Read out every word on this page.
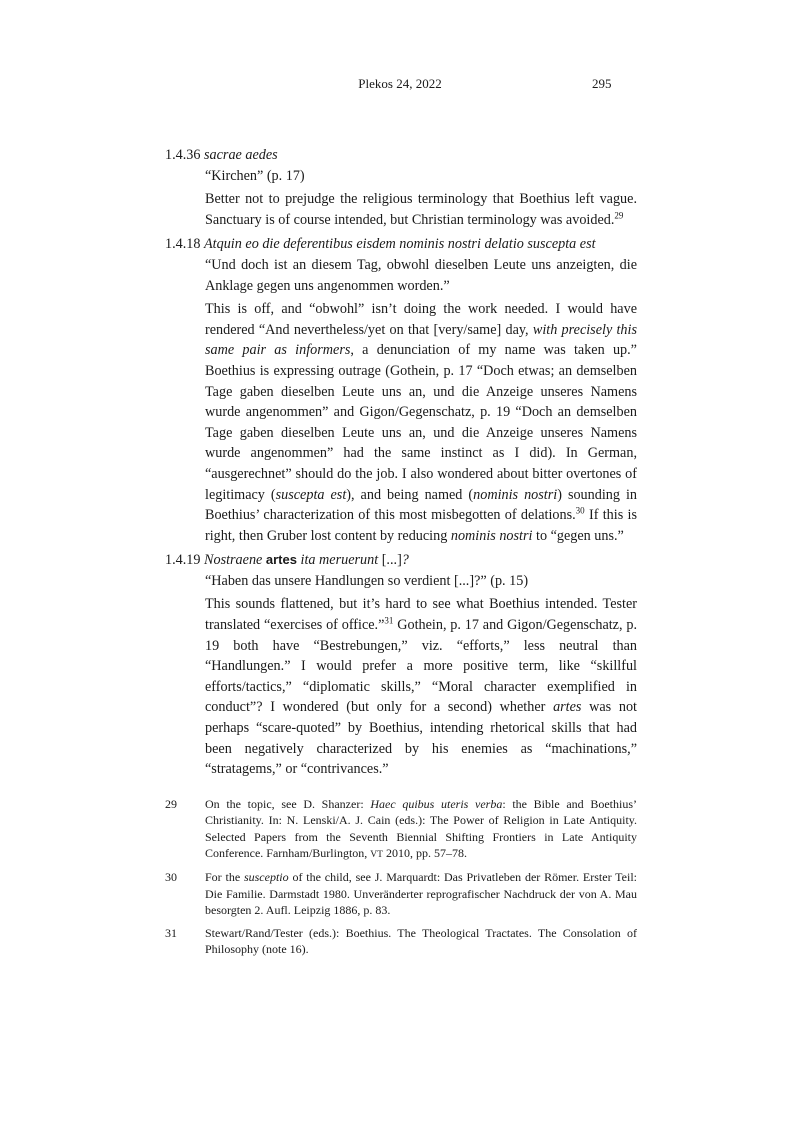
Plekos 24, 2022	295
1.4.36 sacrae aedes
“Kirchen” (p. 17)

Better not to prejudge the religious terminology that Boethius left vague. Sanctuary is of course intended, but Christian terminology was avoided.$^{29}$

1.4.18 Atquin eo die deferentibus eisdem nominis nostri delatio suscepta est
“Und doch ist an diesem Tag, obwohl dieselben Leute uns anzeigten, die Anklage gegen uns angenommen worden.”

This is off, and “obwohl” isn’t doing the work needed. I would have rendered “And nevertheless/yet on that [very/same] day, with precisely this same pair as informers, a denunciation of my name was taken up.” Boethius is expressing outrage (Gothein, p. 17 “Doch etwas; an demselben Tage gaben dieselben Leute uns an, und die Anzeige unseres Namens wurde angenommen” and Gigon/Gegenschatz, p. 19 “Doch an demselben Tage gaben dieselben Leute uns an, und die Anzeige unseres Namens wurde angenommen” had the same instinct as I did). In German, “ausgerechnet” should do the job. I also wondered about bitter overtones of legitimacy (suscepta est), and being named (nominis nostri) sounding in Boethius’ characterization of this most misbegotten of delations.$^{30}$ If this is right, then Gruber lost content by reducing nominis nostri to “gegen uns.”

1.4.19 Nostraene artes ita meruerunt [...]?
“Haben das unsere Handlungen so verdient [...]?” (p. 15)

This sounds flattened, but it’s hard to see what Boethius intended. Tester translated “exercises of office.”$^{31}$ Gothein, p. 17 and Gigon/Gegenschatz, p. 19 both have “Bestrebungen,” viz. “efforts,” less neutral than “Handlungen.” I would prefer a more positive term, like “skillful efforts/tactics,” “diplomatic skills,” “Moral character exemplified in conduct”? I wondered (but only for a second) whether artes was not perhaps “scare-quoted” by Boethius, intending rhetorical skills that had been negatively characterized by his enemies as “machinations,” “stratagems,” or “contrivances.”

29	On the topic, see D. Shanzer: Haec quibus uteris verba: the Bible and Boethius’ Christianity. In: N. Lenski/A. J. Cain (eds.): The Power of Religion in Late Antiquity. Selected Papers from the Seventh Biennial Shifting Frontiers in Late Antiquity Conference. Farnham/Burlington, VT 2010, pp. 57–78.
30	For the susceptio of the child, see J. Marquardt: Das Privatleben der Römer. Erster Teil: Die Familie. Darmstadt 1980. Unveränderter reprografischer Nachdruck der von A. Mau besorgten 2. Aufl. Leipzig 1886, p. 83.
31	Stewart/Rand/Tester (eds.): Boethius. The Theological Tractates. The Consolation of Philosophy (note 16).
